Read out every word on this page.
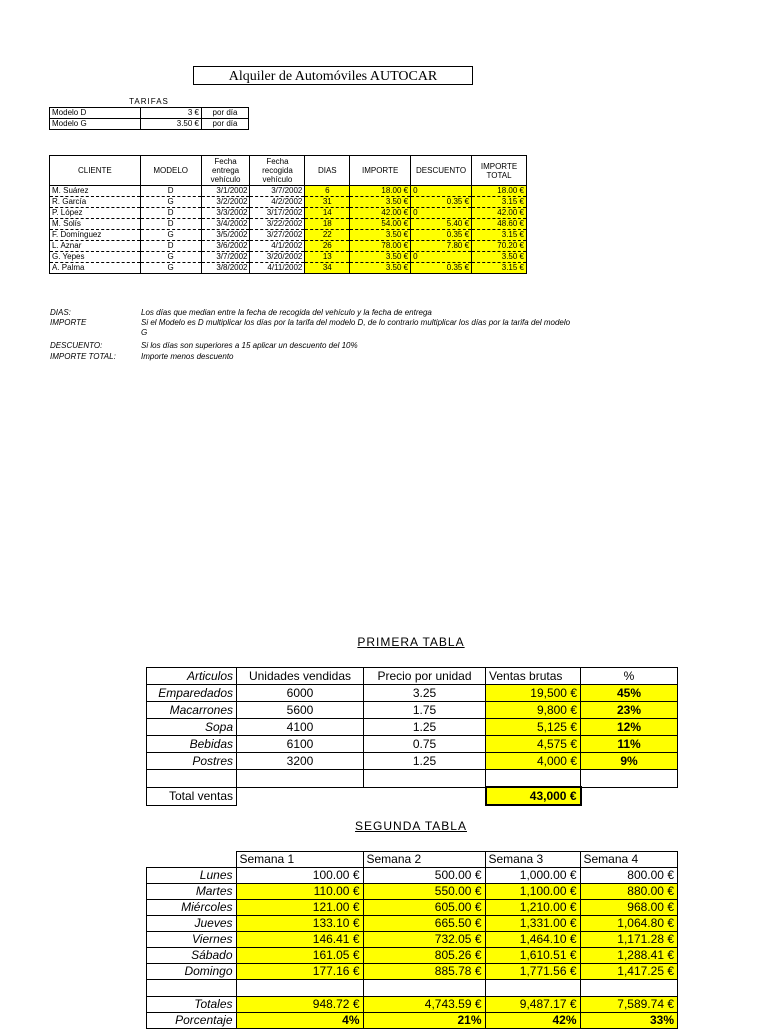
Alquiler de Automóviles AUTOCAR
TARIFAS		
Modelo D	3 €	por día
Modelo G	3.50 €	por día
CLIENTE	MODELO	Fecha entrega vehículo	Fecha recogida vehículo	DIAS	IMPORTE	DESCUENTO	IMPORTE TOTAL
M. Suárez	D	3/1/2002	3/7/2002	6	18.00 €	0	18.00 €
R. García	G	3/2/2002	4/2/2002	31	3.50 €	0.35 €	3.15 €
P. López	D	3/3/2002	3/17/2002	14	42.00 €	0	42.00 €
M. Solís	D	3/4/2002	3/22/2002	18	54.00 €	5.40 €	48.60 €
F. Domínguez	G	3/5/2002	3/27/2002	22	3.50 €	0.35 €	3.15 €
L. Aznar	D	3/6/2002	4/1/2002	26	78.00 €	7.80 €	70.20 €
G. Yepes	G	3/7/2002	3/20/2002	13	3.50 €	0	3.50 €
A. Palma	G	3/8/2002	4/11/2002	34	3.50 €	0.35 €	3.15 €
DIAS:	Los días que median entre la fecha de recogida del vehículo y la fecha de entrega
IMPORTE	Si el Modelo es D multiplicar los días por la tarifa del modelo D, de lo contrario multiplicar los días por la tarifa del modelo G
DESCUENTO:	Si los días son superiores a 15 aplicar un descuento del 10%
IMPORTE TOTAL:	Importe menos descuento
PRIMERA TABLA
Articulos	Unidades vendidas	Precio por unidad	Ventas brutas	%
Emparedados	6000	3.25	19,500 €	45%
Macarrones	5600	1.75	9,800 €	23%
Sopa	4100	1.25	5,125 €	12%
Bebidas	6100	0.75	4,575 €	11%
Postres	3200	1.25	4,000 €	9%

Total ventas			43,000 €	
SEGUNDA TABLA
	Semana 1	Semana 2	Semana 3	Semana 4
Lunes	100.00 €	500.00 €	1,000.00 €	800.00 €
Martes	110.00 €	550.00 €	1,100.00 €	880.00 €
Miércoles	121.00 €	605.00 €	1,210.00 €	968.00 €
Jueves	133.10 €	665.50 €	1,331.00 €	1,064.80 €
Viernes	146.41 €	732.05 €	1,464.10 €	1,171.28 €
Sábado	161.05 €	805.26 €	1,610.51 €	1,288.41 €
Domingo	177.16 €	885.78 €	1,771.56 €	1,417.25 €

Totales	948.72 €	4,743.59 €	9,487.17 €	7,589.74 €
Porcentaje	4%	21%	42%	33%
